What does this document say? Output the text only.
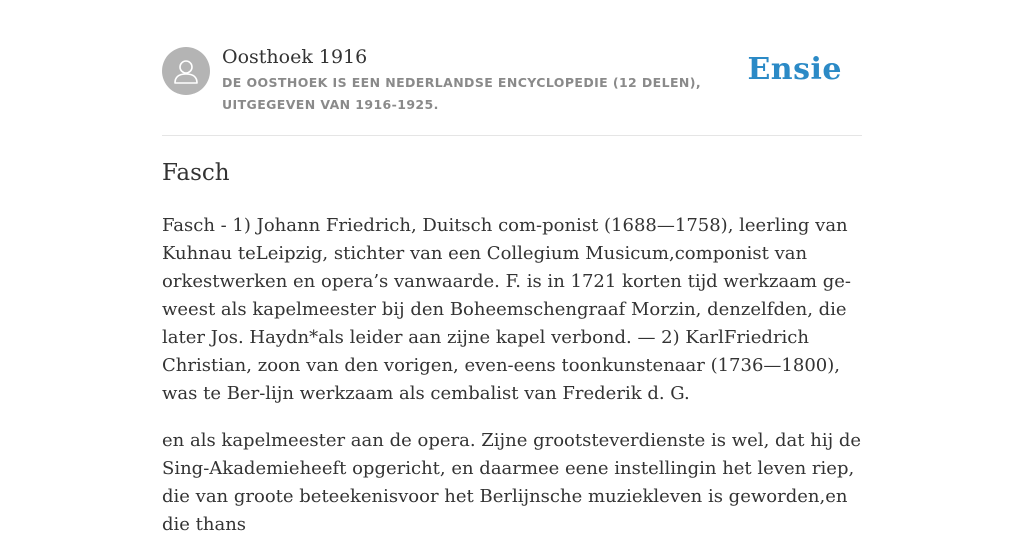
Oosthoek 1916
DE OOSTHOEK IS EEN NEDERLANDSE ENCYCLOPEDIE (12 DELEN), UITGEGEVEN VAN 1916-1925.
Ensie
Fasch

Fasch - 1) Johann Friedrich, Duitsch com-ponist (1688—1758), leerling van Kuhnau teLeipzig, stichter van een Collegium Musicum,componist van orkestwerken en opera’s vanwaarde. F. is in 1721 korten tijd werkzaam ge-weest als kapelmeester bij den Boheemschengraaf Morzin, denzelfden, die later Jos. Haydn*als leider aan zijne kapel verbond. — 2) KarlFriedrich Christian, zoon van den vorigen, even-eens toonkunstenaar (1736—1800), was te Ber-lijn werkzaam als cembalist van Frederik d. G.

en als kapelmeester aan de opera. Zijne grootsteverdienste is wel, dat hij de Sing-Akademieheeft opgericht, en daarmee eene instellingin het leven riep, die van groote beteekenisvoor het Berlijnsche muziekleven is geworden,en die thans
